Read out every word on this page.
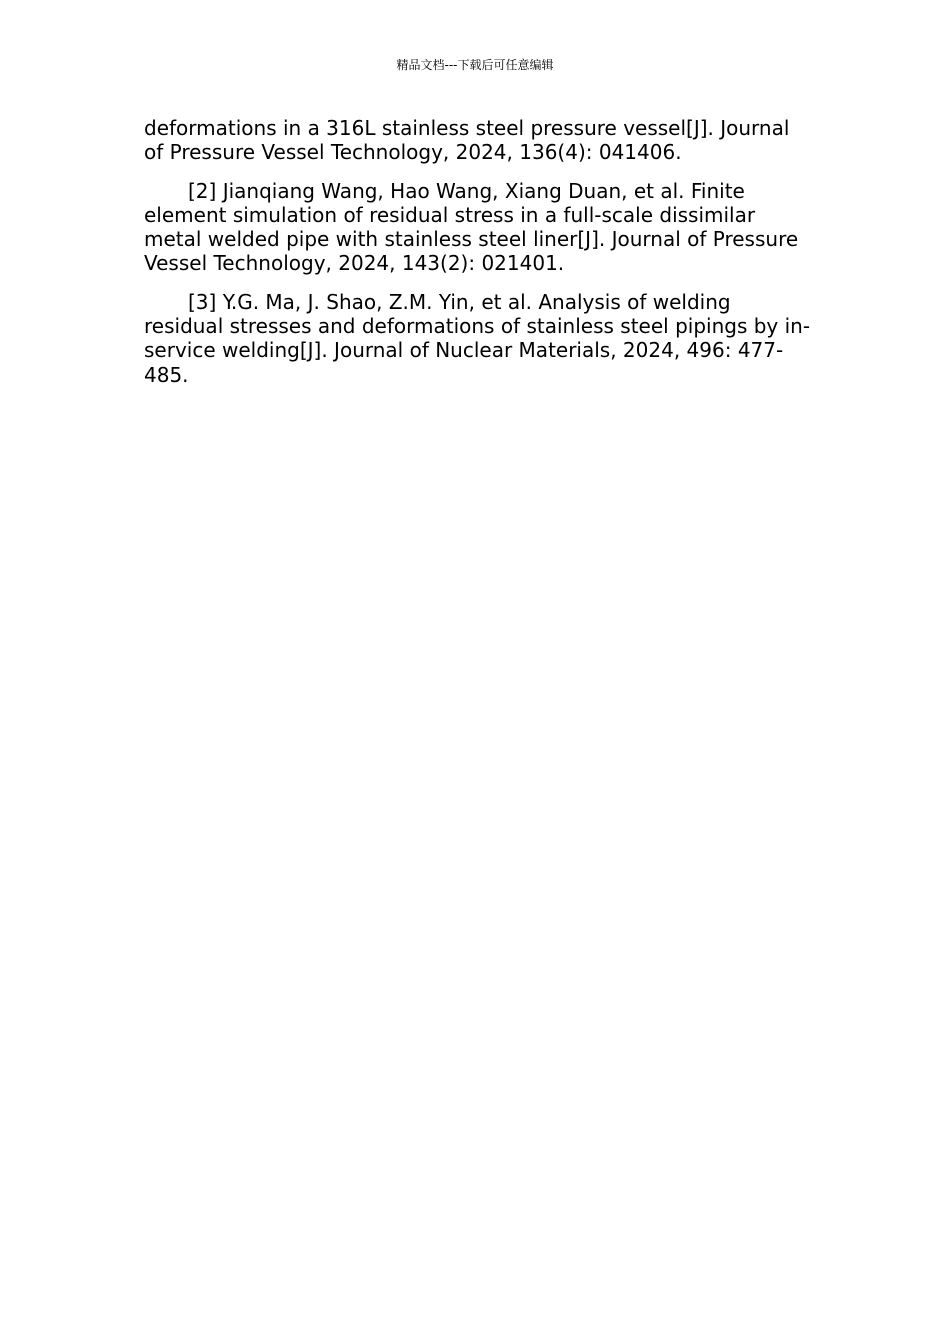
精品文档---下载后可任意编辑

deformations in a 316L stainless steel pressure vessel[J]. Journal of Pressure Vessel Technology, 2024, 136(4): 041406.

[2] Jianqiang Wang, Hao Wang, Xiang Duan, et al. Finite element simulation of residual stress in a full-scale dissimilar metal welded pipe with stainless steel liner[J]. Journal of Pressure Vessel Technology, 2024, 143(2): 021401.

[3] Y.G. Ma, J. Shao, Z.M. Yin, et al. Analysis of welding residual stresses and deformations of stainless steel pipings by in-service welding[J]. Journal of Nuclear Materials, 2024, 496: 477-485.
